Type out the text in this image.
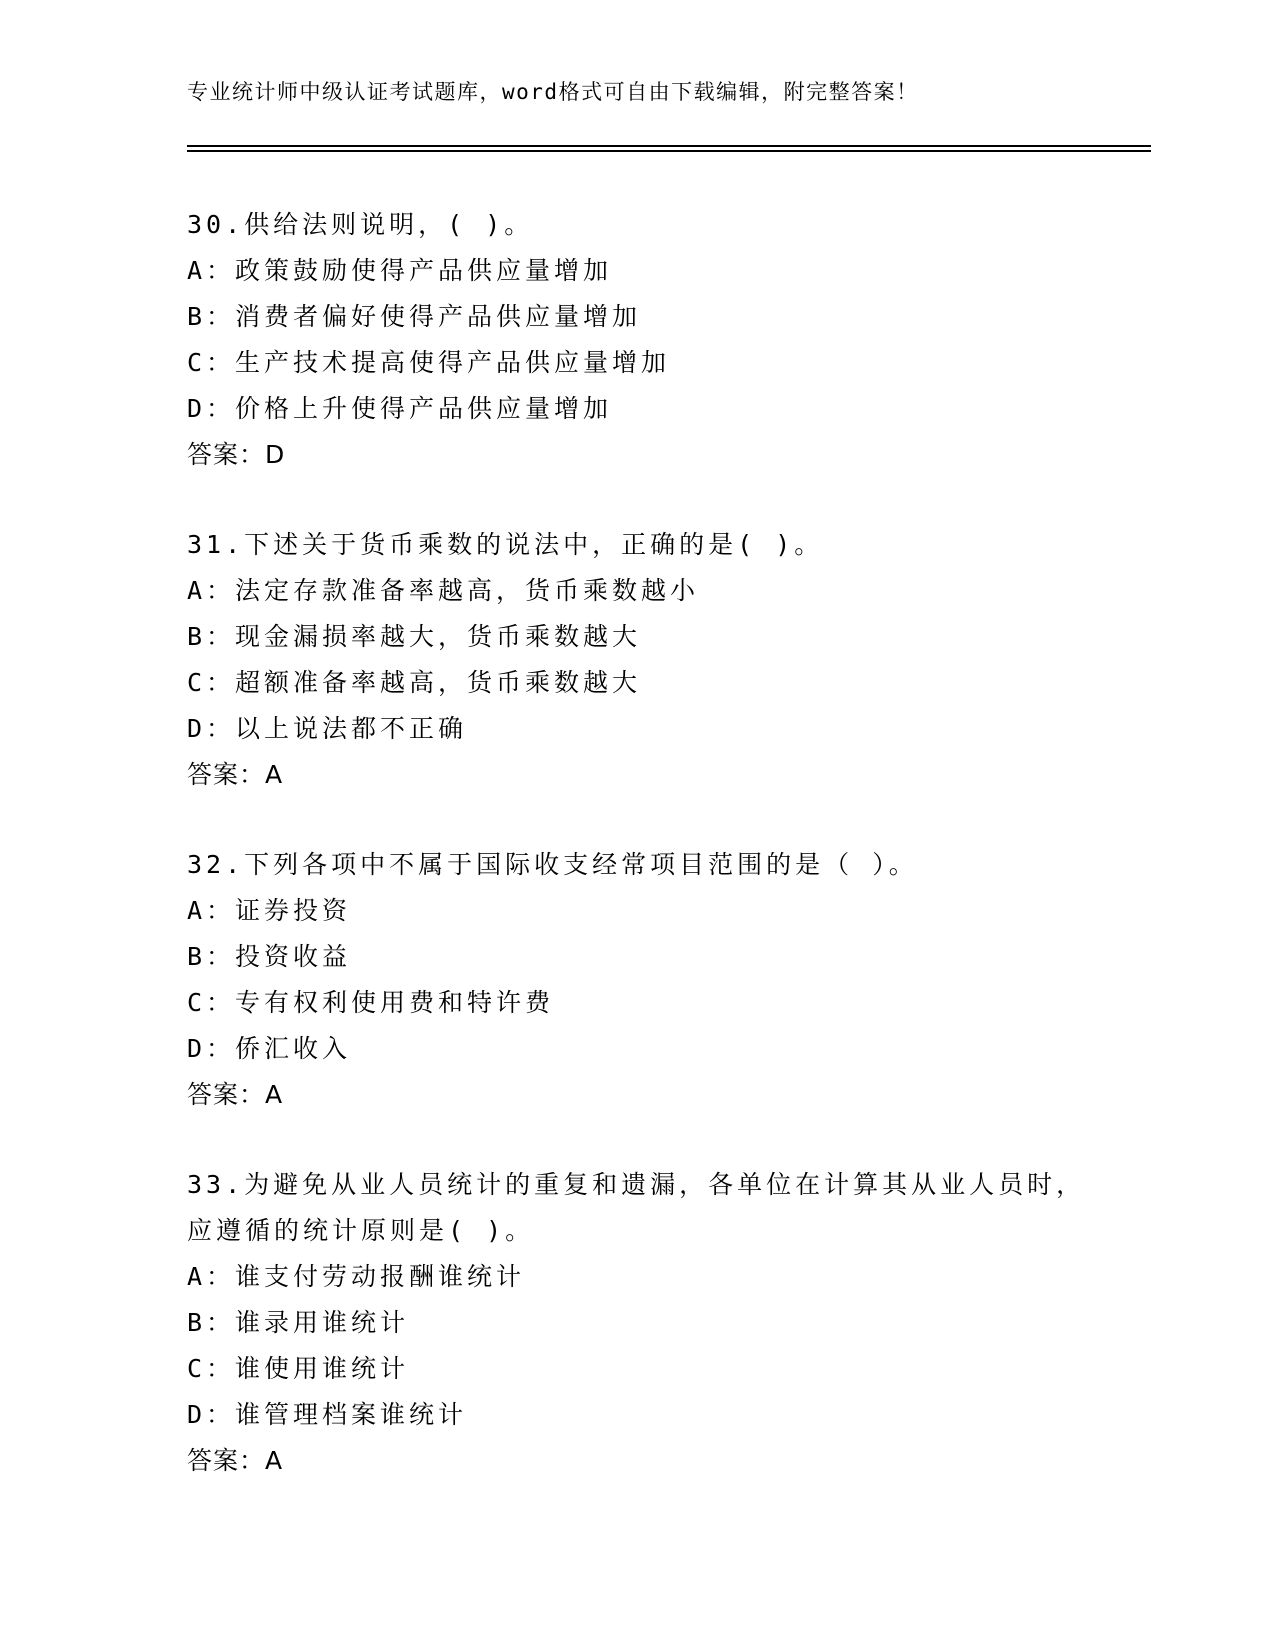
专业统计师中级认证考试题库，word格式可自由下载编辑，附完整答案！
30.供给法则说明，( )。
A：政策鼓励使得产品供应量增加
B：消费者偏好使得产品供应量增加
C：生产技术提高使得产品供应量增加
D：价格上升使得产品供应量增加
答案：D
31.下述关于货币乘数的说法中，正确的是( )。
A：法定存款准备率越高，货币乘数越小
B：现金漏损率越大，货币乘数越大
C：超额准备率越高，货币乘数越大
D：以上说法都不正确
答案：A
32.下列各项中不属于国际收支经常项目范围的是（ ）。
A：证券投资
B：投资收益
C：专有权利使用费和特许费
D：侨汇收入
答案：A
33.为避免从业人员统计的重复和遗漏，各单位在计算其从业人员时，
应遵循的统计原则是( )。
A：谁支付劳动报酬谁统计
B：谁录用谁统计
C：谁使用谁统计
D：谁管理档案谁统计
答案：A
